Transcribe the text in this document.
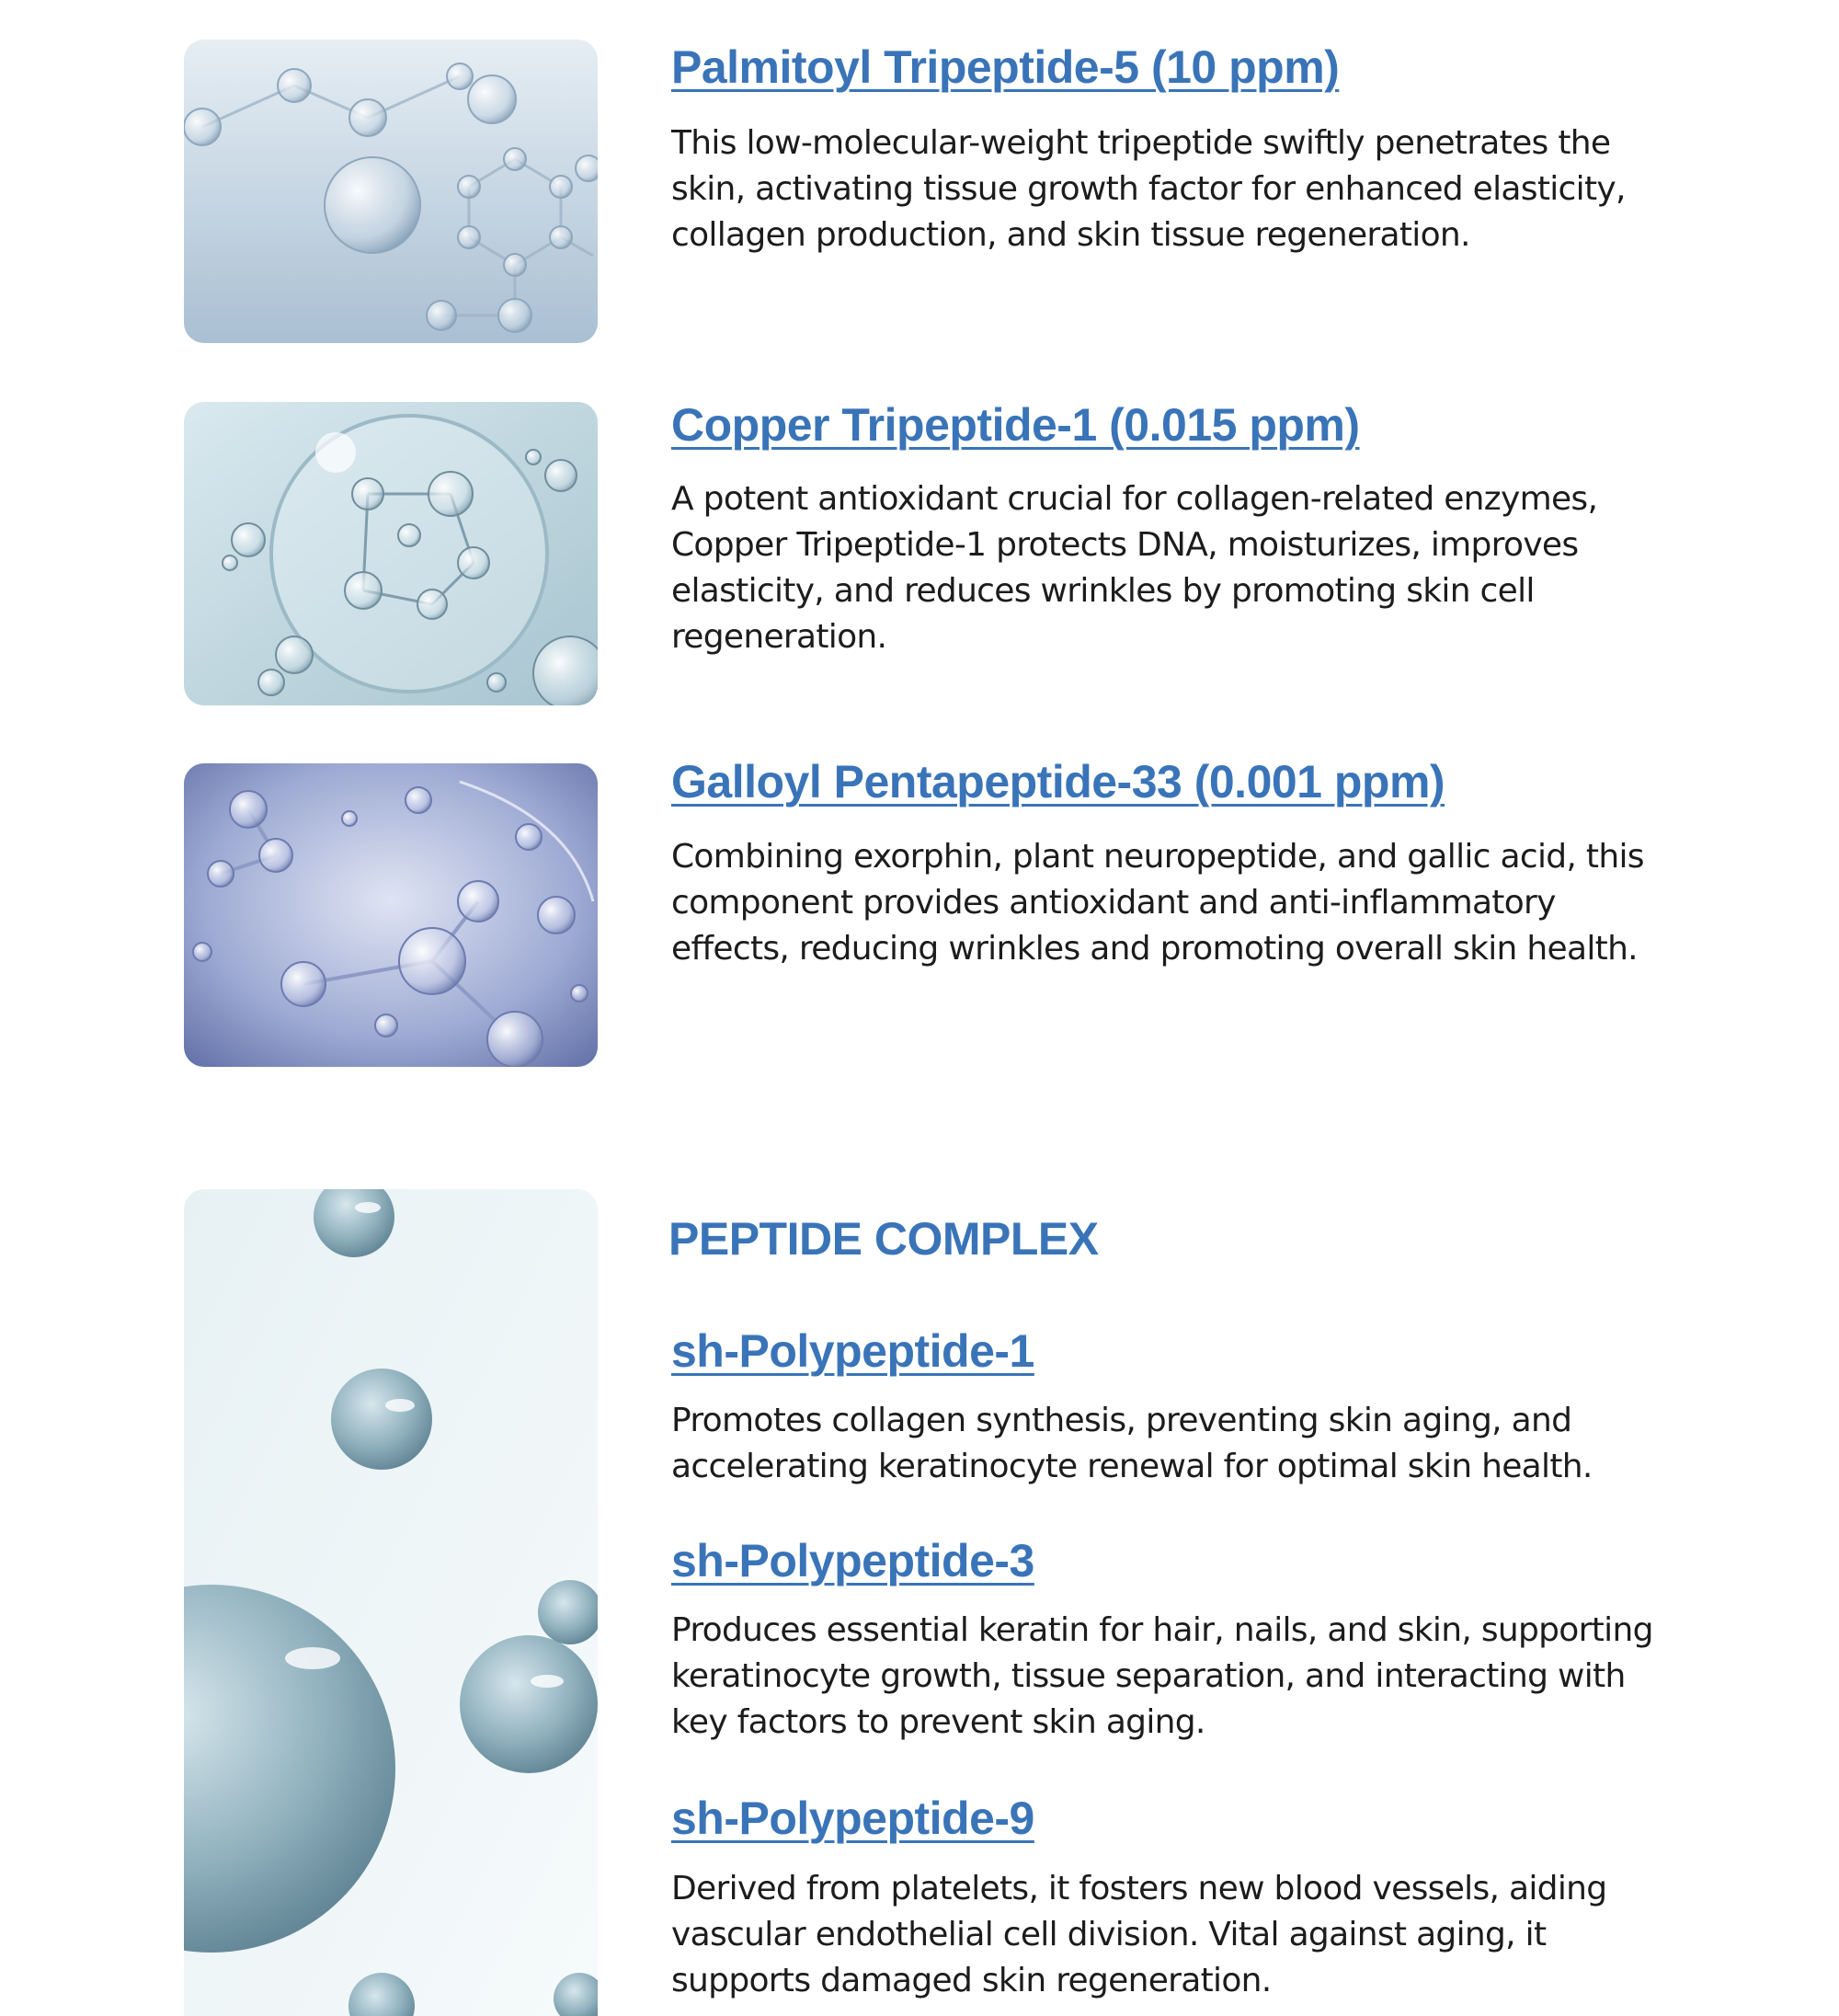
Palmitoyl Tripeptide-5 (10 ppm)
This low-molecular-weight tripeptide swiftly penetrates the skin, activating tissue growth factor for enhanced elasticity, collagen production, and skin tissue regeneration.
Copper Tripeptide-1 (0.015 ppm)
A potent antioxidant crucial for collagen-related enzymes, Copper Tripeptide-1 protects DNA, moisturizes, improves elasticity, and reduces wrinkles by promoting skin cell regeneration.
Galloyl Pentapeptide-33 (0.001 ppm)
Combining exorphin, plant neuropeptide, and gallic acid, this component provides antioxidant and anti-inflammatory effects, reducing wrinkles and promoting overall skin health.
PEPTIDE COMPLEX
sh-Polypeptide-1
Promotes collagen synthesis, preventing skin aging, and accelerating keratinocyte renewal for optimal skin health.
sh-Polypeptide-3
Produces essential keratin for hair, nails, and skin, supporting keratinocyte growth, tissue separation, and interacting with key factors to prevent skin aging.
sh-Polypeptide-9
Derived from platelets, it fosters new blood vessels, aiding vascular endothelial cell division. Vital against aging, it supports damaged skin regeneration.
